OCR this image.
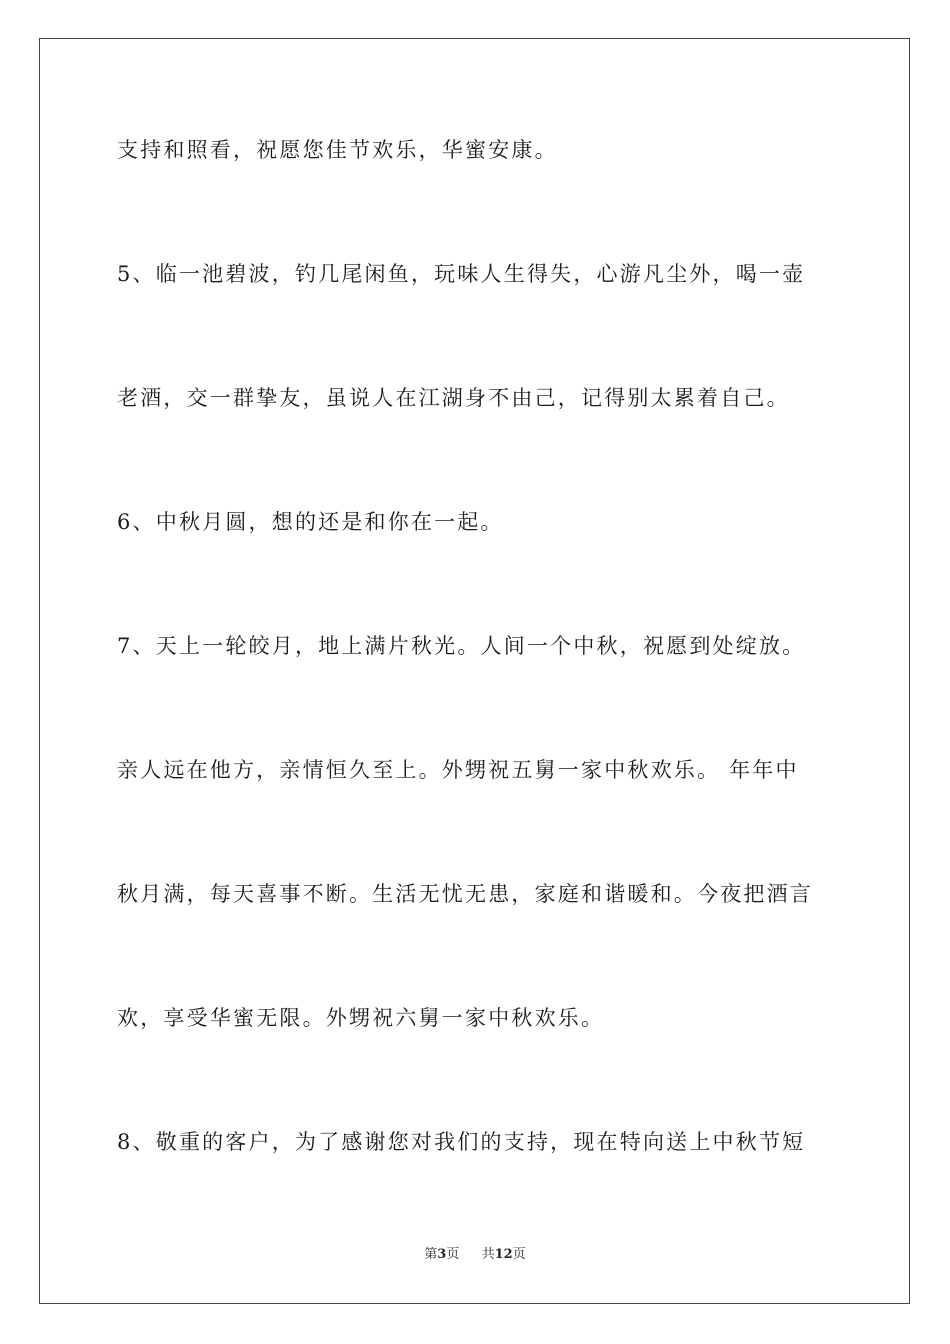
支持和照看，祝愿您佳节欢乐，华蜜安康。
5、临一池碧波，钓几尾闲鱼，玩味人生得失，心游凡尘外，喝一壶
老酒，交一群挚友，虽说人在江湖身不由己，记得别太累着自己。
6、中秋月圆，想的还是和你在一起。
7、天上一轮皎月，地上满片秋光。人间一个中秋，祝愿到处绽放。
亲人远在他方，亲情恒久至上。外甥祝五舅一家中秋欢乐。 年年中
秋月满，每天喜事不断。生活无忧无患，家庭和谐暖和。今夜把酒言
欢，享受华蜜无限。外甥祝六舅一家中秋欢乐。
8、敬重的客户，为了感谢您对我们的支持，现在特向送上中秋节短
第3页 共12页
